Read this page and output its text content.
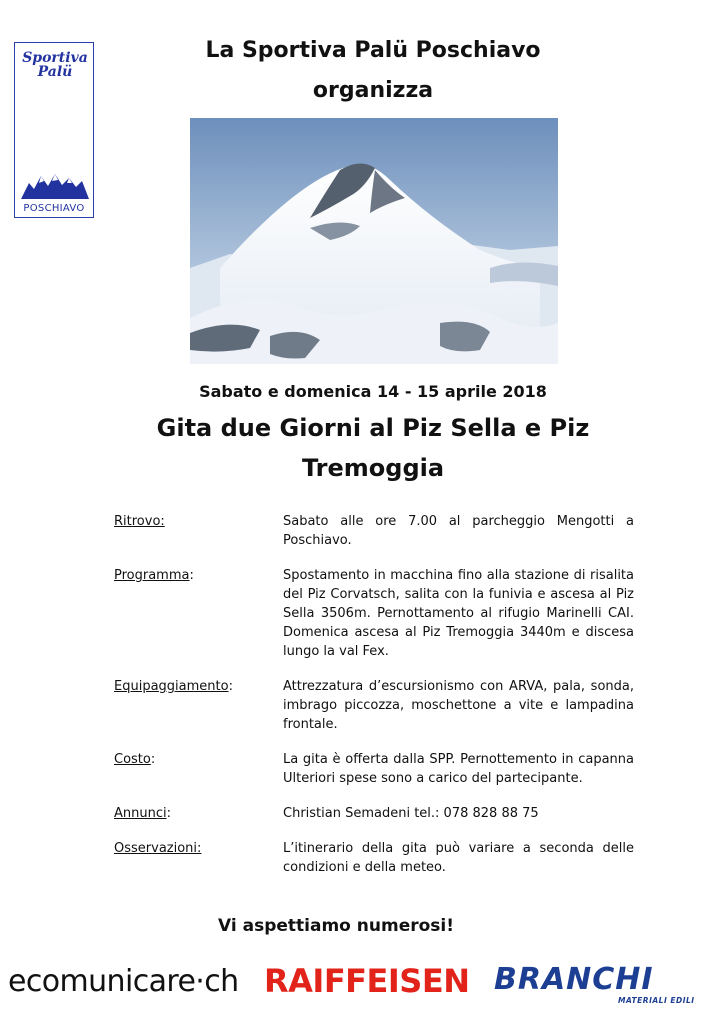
Sportiva
Palü
POSCHIAVO
La Sportiva Palü Poschiavo
organizza
Sabato e domenica 14 - 15 aprile 2018
Gita due Giorni al Piz Sella e Piz Tremoggia
Ritrovo:	Sabato alle ore 7.00 al parcheggio Mengotti a Poschiavo.
Programma:	Spostamento in macchina fino alla stazione di risalita del Piz Corvatsch, salita con la funivia e ascesa al Piz Sella 3506m. Pernottamento al rifugio Marinelli CAI. Domenica ascesa al Piz Tremoggia 3440m e discesa lungo la val Fex.
Equipaggiamento:	Attrezzatura d’escursionismo con ARVA, pala, sonda, imbrago piccozza, moschettone a vite e lampadina frontale.
Costo:	La gita è offerta dalla SPP. Pernottemento in capanna Ulteriori spese sono a carico del partecipante.
Annunci:	Christian Semadeni tel.: 078 828 88 75
Osservazioni:	L’itinerario della gita può variare a seconda delle condizioni e della meteo.
Vi aspettiamo numerosi!
ecomunicare·ch RAIFFEISEN BRANCHI
MATERIALI EDILI
